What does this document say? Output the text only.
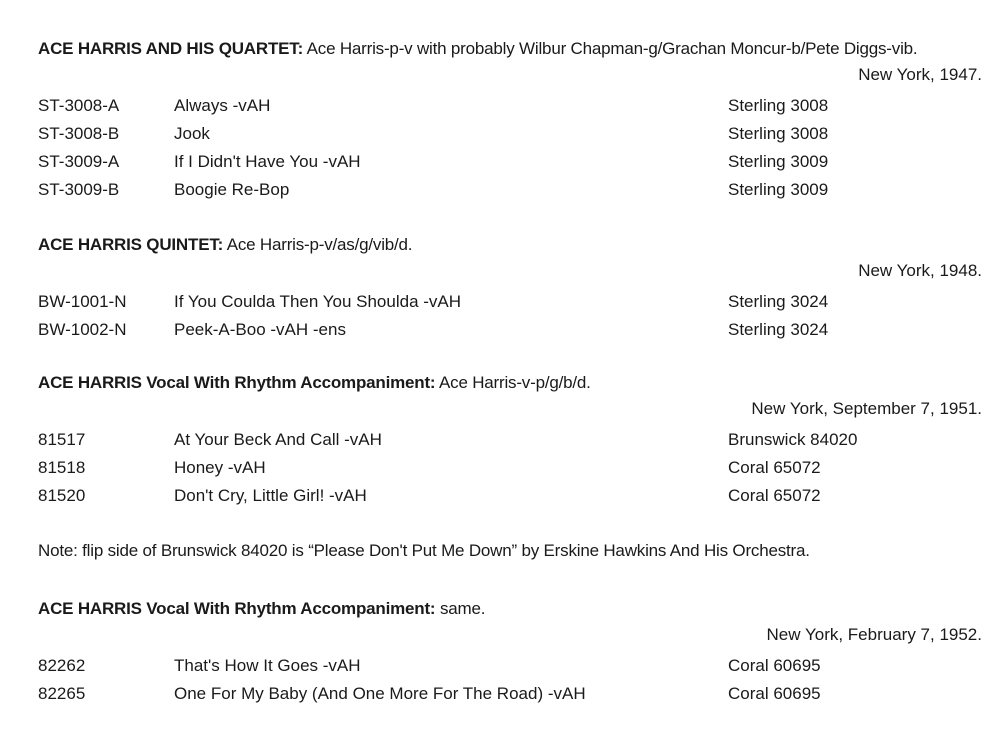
ACE HARRIS AND HIS QUARTET: Ace Harris-p-v with probably Wilbur Chapman-g/Grachan Moncur-b/Pete Diggs-vib.
New York, 1947.
ST-3008-A	Always -vAH	Sterling 3008
ST-3008-B	Jook	Sterling 3008
ST-3009-A	If I Didn't Have You -vAH	Sterling 3009
ST-3009-B	Boogie Re-Bop	Sterling 3009
ACE HARRIS QUINTET: Ace Harris-p-v/as/g/vib/d.
New York, 1948.
BW-1001-N	If You Coulda Then You Shoulda -vAH	Sterling 3024
BW-1002-N	Peek-A-Boo -vAH -ens	Sterling 3024
ACE HARRIS Vocal With Rhythm Accompaniment: Ace Harris-v-p/g/b/d.
New York, September 7, 1951.
81517	At Your Beck And Call -vAH	Brunswick 84020
81518	Honey -vAH	Coral 65072
81520	Don't Cry, Little Girl! -vAH	Coral 65072
Note: flip side of Brunswick 84020 is “Please Don't Put Me Down” by Erskine Hawkins And His Orchestra.
ACE HARRIS Vocal With Rhythm Accompaniment: same.
New York, February 7, 1952.
82262	That's How It Goes -vAH	Coral 60695
82265	One For My Baby (And One More For The Road) -vAH	Coral 60695
